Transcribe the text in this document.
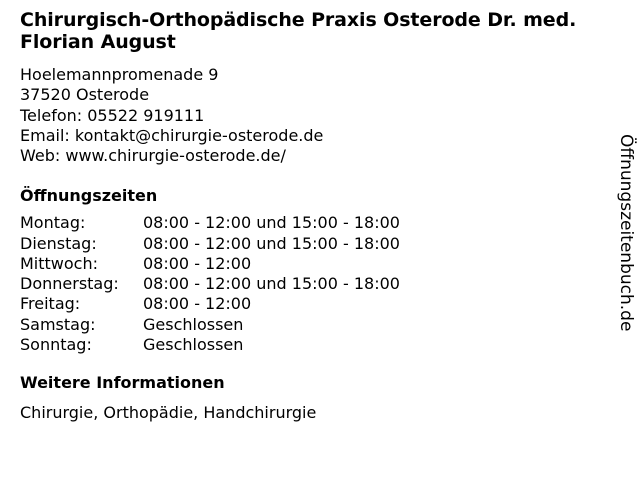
Chirurgisch-Orthopädische Praxis Osterode Dr. med. Florian August
Hoelemannpromenade 9
37520 Osterode
Telefon: 05522 919111
Email: kontakt@chirurgie-osterode.de
Web: www.chirurgie-osterode.de/
Öffnungszeiten
Montag:	08:00 - 12:00 und 15:00 - 18:00
Dienstag:	08:00 - 12:00 und 15:00 - 18:00
Mittwoch:	08:00 - 12:00
Donnerstag:	08:00 - 12:00 und 15:00 - 18:00
Freitag:	08:00 - 12:00
Samstag:	Geschlossen
Sonntag:	Geschlossen
Weitere Informationen
Chirurgie, Orthopädie, Handchirurgie
Öffnungszeitenbuch.de
